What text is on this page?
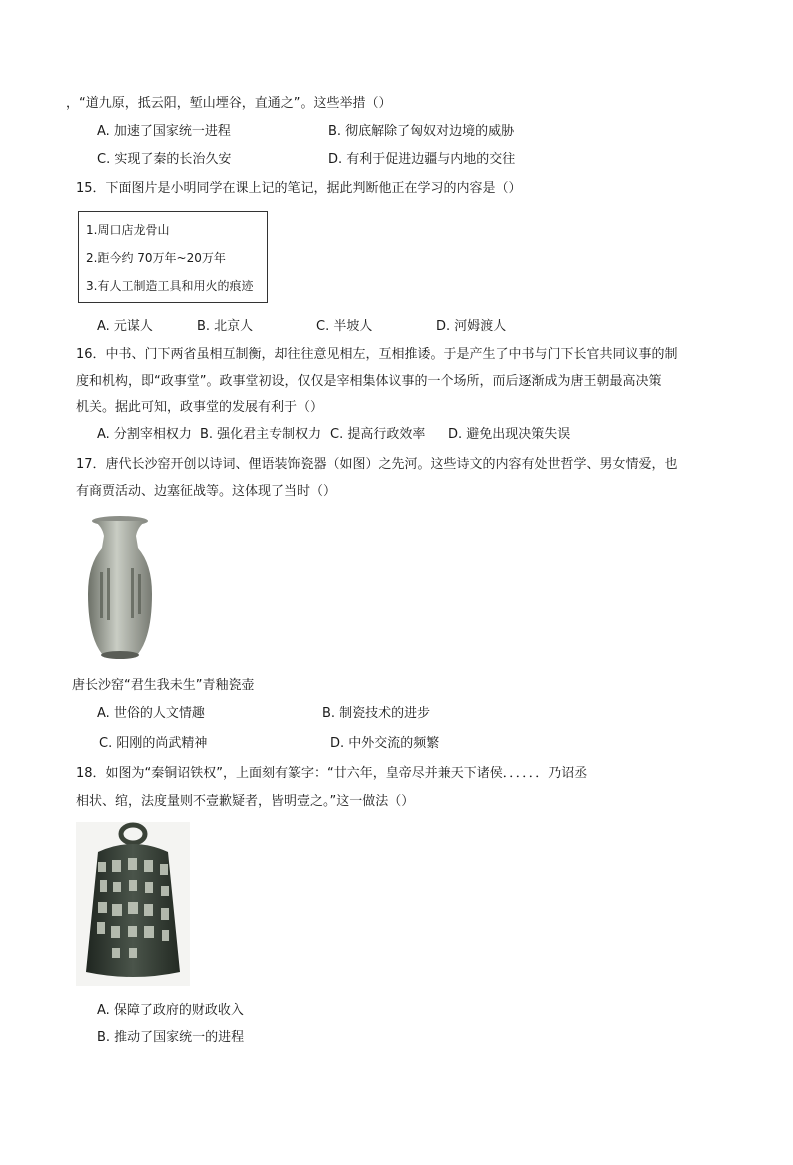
，“道九原，抵云阳，堑山堙谷，直通之”。这些举措（）
A. 加速了国家统一进程	B. 彻底解除了匈奴对边境的威胁
C. 实现了秦的长治久安	D. 有利于促进边疆与内地的交往
15．下面图片是小明同学在课上记的笔记，据此判断他正在学习的内容是（）
1.周口店龙骨山
2.距今约 70万年~20万年
3.有人工制造工具和用火的痕迹
A. 元谋人	B. 北京人	C. 半坡人	D. 河姆渡人
16．中书、门下两省虽相互制衡，却往往意见相左，互相推诿。于是产生了中书与门下长官共同议事的制
度和机构，即“政事堂”。政事堂初设，仅仅是宰相集体议事的一个场所，而后逐渐成为唐王朝最高决策
机关。据此可知，政事堂的发展有利于（）
A. 分割宰相权力 B. 强化君主专制权力 C. 提高行政效率 D. 避免出现决策失误
17．唐代长沙窑开创以诗词、俚语装饰瓷器（如图）之先河。这些诗文的内容有处世哲学、男女情爱，也
有商贾活动、边塞征战等。这体现了当时（）
唐长沙窑“君生我未生”青釉瓷壶
A. 世俗的人文情趣	B. 制瓷技术的进步
C. 阳刚的尚武精神	D. 中外交流的频繁
18．如图为“秦铜诏铁权”，上面刻有篆字：“廿六年，皇帝尽并兼天下诸侯．．．．．．乃诏丞
相状、绾，法度量则不壹歉疑者，皆明壹之。”这一做法（）
A. 保障了政府的财政收入
B. 推动了国家统一的进程
